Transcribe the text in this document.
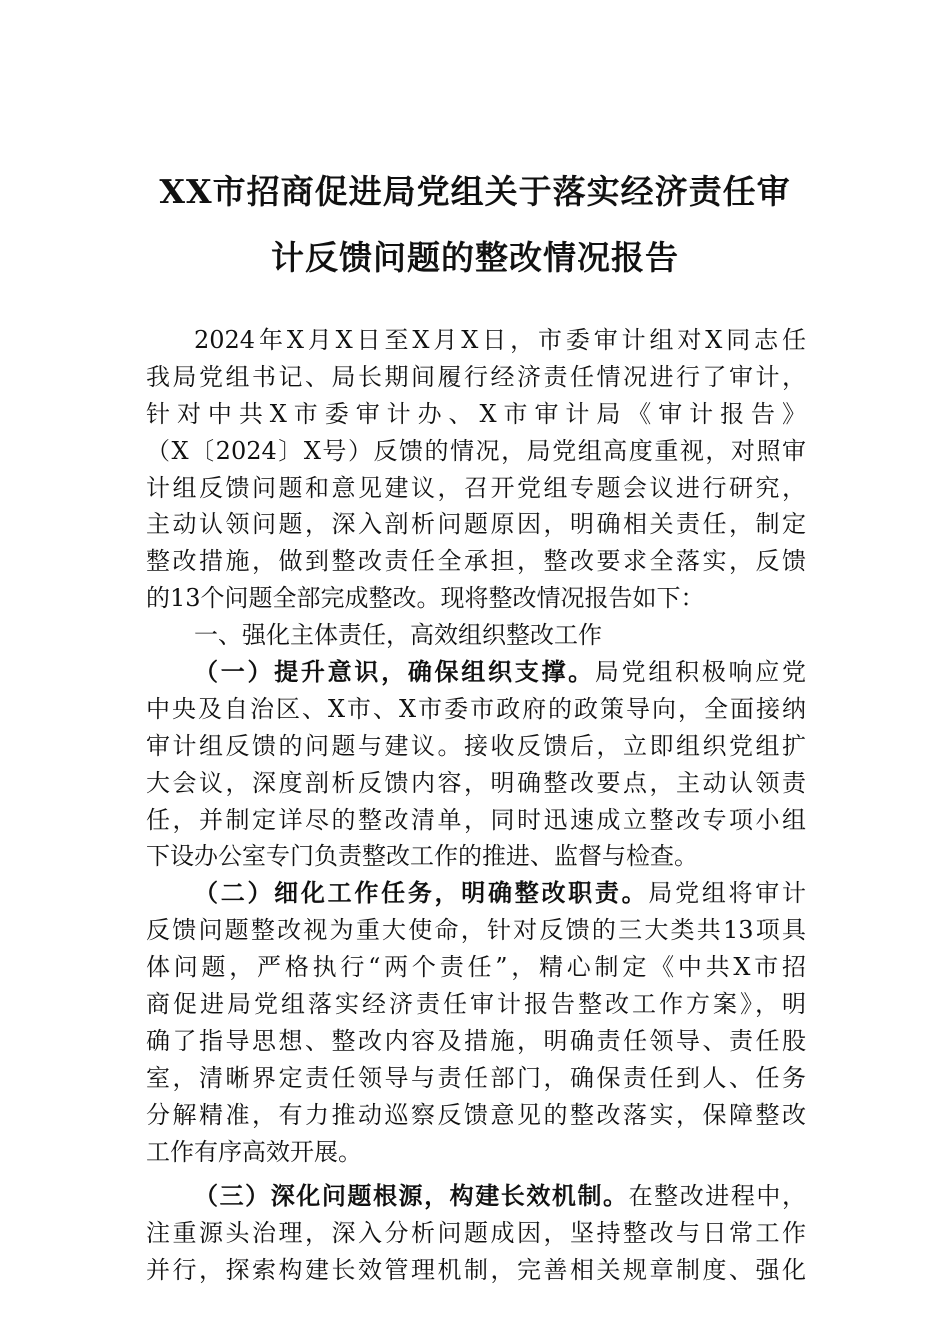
XX市招商促进局党组关于落实经济责任审
计反馈问题的整改情况报告
2024年X月X日至X月X日，市委审计组对X同志任
我局党组书记、局长期间履行经济责任情况进行了审计，
针对中共X市委审计办、X市审计局《审计报告》
（X〔2024〕X号）反馈的情况，局党组高度重视，对照审
计组反馈问题和意见建议，召开党组专题会议进行研究，
主动认领问题，深入剖析问题原因，明确相关责任，制定
整改措施，做到整改责任全承担，整改要求全落实，反馈
的13个问题全部完成整改。现将整改情况报告如下：
一、强化主体责任，高效组织整改工作
（一）提升意识，确保组织支撑。局党组积极响应党
中央及自治区、X市、X市委市政府的政策导向，全面接纳
审计组反馈的问题与建议。接收反馈后，立即组织党组扩
大会议，深度剖析反馈内容，明确整改要点，主动认领责
任，并制定详尽的整改清单，同时迅速成立整改专项小组
下设办公室专门负责整改工作的推进、监督与检查。
（二）细化工作任务，明确整改职责。局党组将审计
反馈问题整改视为重大使命，针对反馈的三大类共13项具
体问题，严格执行“两个责任”，精心制定《中共X市招
商促进局党组落实经济责任审计报告整改工作方案》，明
确了指导思想、整改内容及措施，明确责任领导、责任股
室，清晰界定责任领导与责任部门，确保责任到人、任务
分解精准，有力推动巡察反馈意见的整改落实，保障整改
工作有序高效开展。
（三）深化问题根源，构建长效机制。在整改进程中，
注重源头治理，深入分析问题成因，坚持整改与日常工作
并行，探索构建长效管理机制，完善相关规章制度、强化
